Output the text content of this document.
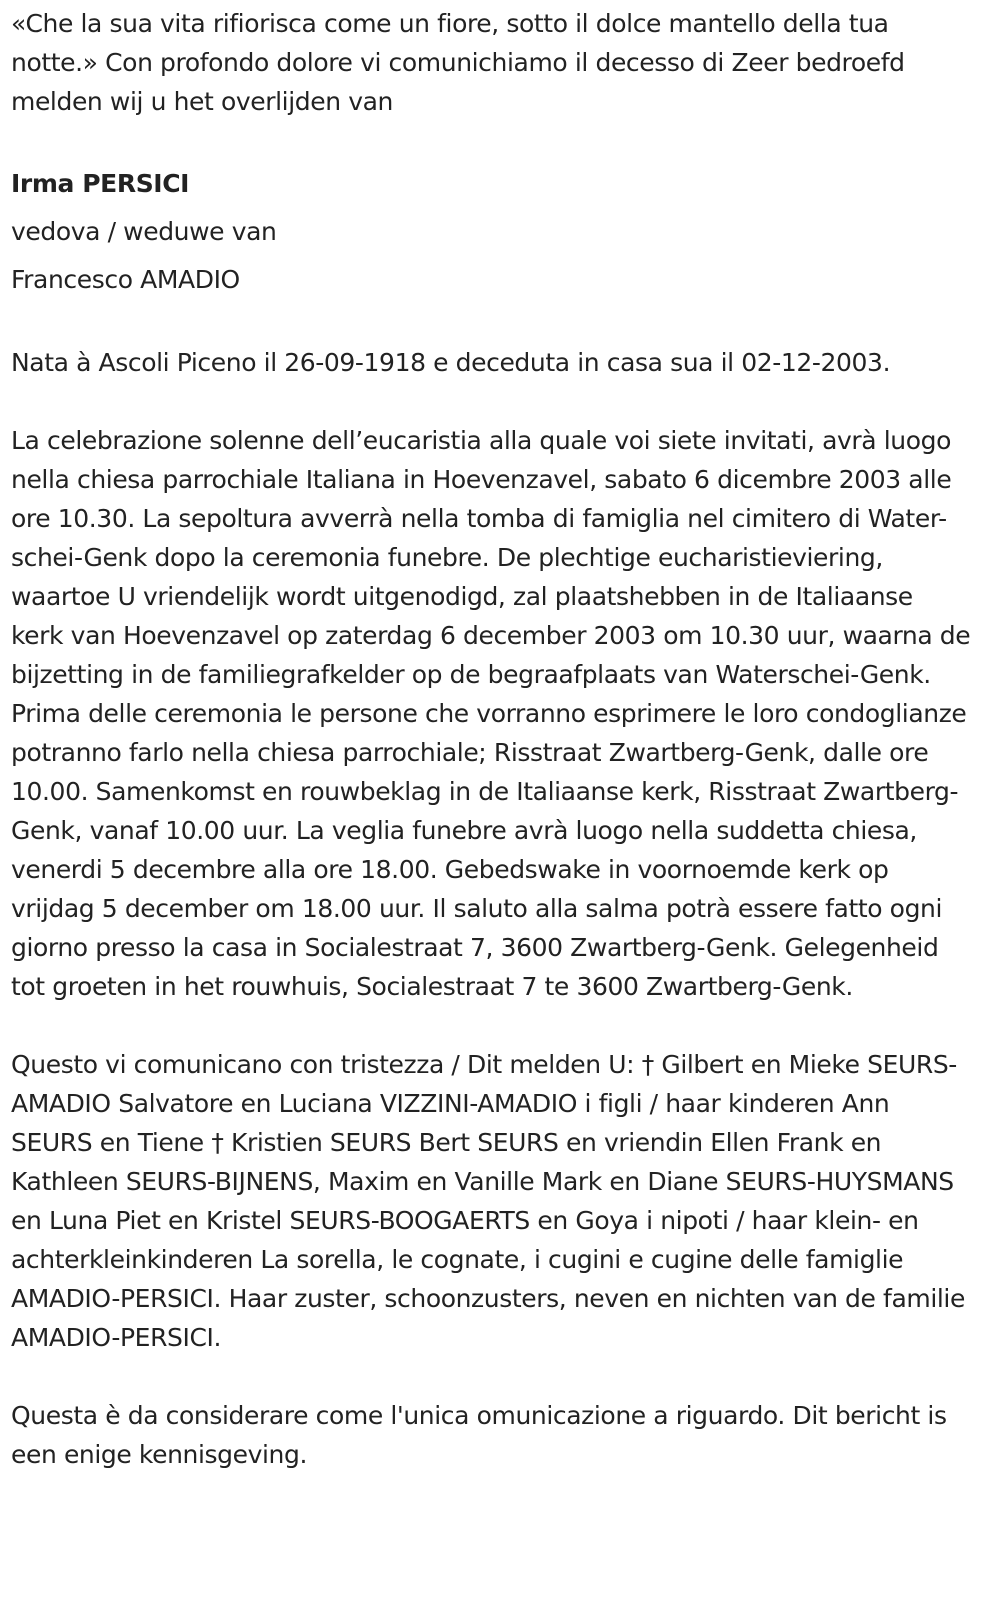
«Che la sua vita rifiorisca come un fiore, sotto il dolce mantello della tua notte.» Con profondo dolore vi comunichiamo il decesso di Zeer bedroefd melden wij u het overlijden van

Irma PERSICI
vedova / weduwe van
Francesco AMADIO

Nata à Ascoli Piceno il 26-09-1918 e deceduta in casa sua il 02-12-2003.

La celebrazione solenne dell’eucaristia alla quale voi siete invitati, avrà luogo nella chiesa parrochiale Italiana in Hoevenzavel, sabato 6 dicembre 2003 alle ore 10.30. La sepoltura avverrà nella tomba di famiglia nel cimitero di Water-schei-Genk dopo la ceremonia funebre. De plechtige eucharistieviering, waartoe U vriendelijk wordt uitgenodigd, zal plaatshebben in de Italiaanse kerk van Hoevenzavel op zaterdag 6 december 2003 om 10.30 uur, waarna de bijzetting in de familiegrafkelder op de begraafplaats van Waterschei-Genk. Prima delle ceremonia le persone che vorranno esprimere le loro condoglianze potranno farlo nella chiesa parrochiale; Risstraat Zwartberg-Genk, dalle ore 10.00. Samenkomst en rouwbeklag in de Italiaanse kerk, Risstraat Zwartberg-Genk, vanaf 10.00 uur. La veglia funebre avrà luogo nella suddetta chiesa, venerdi 5 decembre alla ore 18.00. Gebedswake in voornoemde kerk op vrijdag 5 december om 18.00 uur. Il saluto alla salma potrà essere fatto ogni giorno presso la casa in Socialestraat 7, 3600 Zwartberg-Genk. Gelegenheid tot groeten in het rouwhuis, Socialestraat 7 te 3600 Zwartberg-Genk.

Questo vi comunicano con tristezza / Dit melden U: † Gilbert en Mieke SEURS-AMADIO Salvatore en Luciana VIZZINI-AMADIO i figli / haar kinderen Ann SEURS en Tiene † Kristien SEURS Bert SEURS en vriendin Ellen Frank en Kathleen SEURS-BIJNENS, Maxim en Vanille Mark en Diane SEURS-HUYSMANS en Luna Piet en Kristel SEURS-BOOGAERTS en Goya i nipoti / haar klein- en achterkleinkinderen La sorella, le cognate, i cugini e cugine delle famiglie AMADIO-PERSICI. Haar zuster, schoonzusters, neven en nichten van de familie AMADIO-PERSICI.

Questa è da considerare come l'unica omunicazione a riguardo. Dit bericht is een enige kennisgeving.
